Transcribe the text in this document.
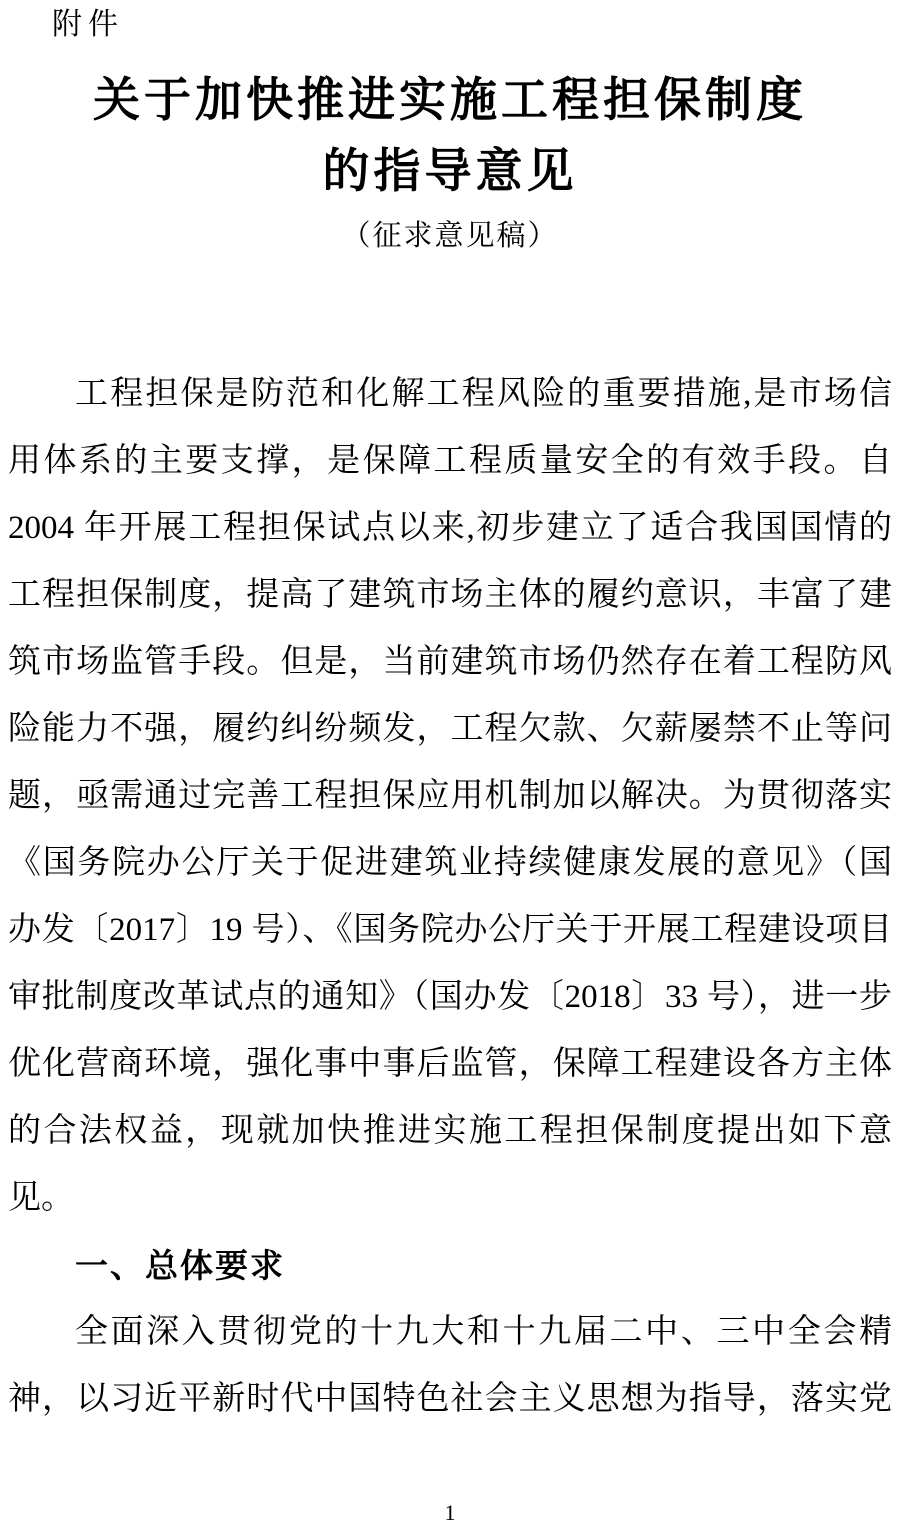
附件
关于加快推进实施工程担保制度
的指导意见
（征求意见稿）
工程担保是防范和化解工程风险的重要措施,是市场信
用体系的主要支撑，是保障工程质量安全的有效手段。自
2004 年开展工程担保试点以来,初步建立了适合我国国情的
工程担保制度，提高了建筑市场主体的履约意识，丰富了建
筑市场监管手段。但是，当前建筑市场仍然存在着工程防风
险能力不强，履约纠纷频发，工程欠款、欠薪屡禁不止等问
题，亟需通过完善工程担保应用机制加以解决。为贯彻落实
《国务院办公厅关于促进建筑业持续健康发展的意见》（国
办发〔2017〕19 号）、《国务院办公厅关于开展工程建设项目
审批制度改革试点的通知》（国办发〔2018〕33 号），进一步
优化营商环境，强化事中事后监管，保障工程建设各方主体
的合法权益，现就加快推进实施工程担保制度提出如下意
见。
一、总体要求
全面深入贯彻党的十九大和十九届二中、三中全会精
神，以习近平新时代中国特色社会主义思想为指导，落实党
1
